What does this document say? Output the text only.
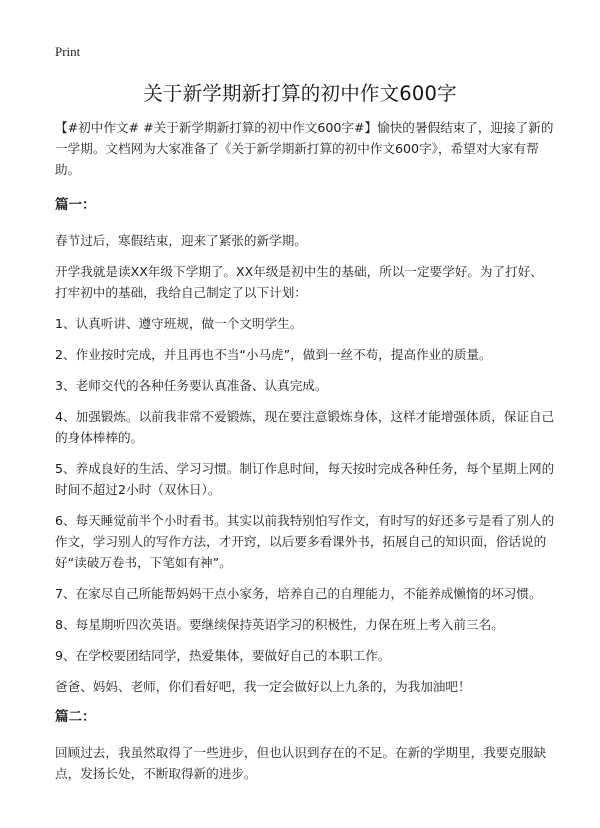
Print
关于新学期新打算的初中作文600字

【#初中作文# #关于新学期新打算的初中作文600字#】愉快的暑假结束了，迎接了新的一学期。文档网为大家准备了《关于新学期新打算的初中作文600字》，希望对大家有帮助。

篇一：

春节过后，寒假结束，迎来了紧张的新学期。

开学我就是读XX年级下学期了。XX年级是初中生的基础，所以一定要学好。为了打好、打牢初中的基础，我给自己制定了以下计划：

1、认真听讲、遵守班规，做一个文明学生。

2、作业按时完成，并且再也不当“小马虎”，做到一丝不苟，提高作业的质量。

3、老师交代的各种任务要认真准备、认真完成。

4、加强锻炼。以前我非常不爱锻炼，现在要注意锻炼身体，这样才能增强体质，保证自己的身体棒棒的。

5、养成良好的生活、学习习惯。制订作息时间，每天按时完成各种任务，每个星期上网的时间不超过2小时（双休日）。

6、每天睡觉前半个小时看书。其实以前我特别怕写作文，有时写的好还多亏是看了别人的作文，学习别人的写作方法，才开窍，以后要多看课外书，拓展自己的知识面，俗话说的好“读破万卷书，下笔如有神”。

7、在家尽自己所能帮妈妈干点小家务，培养自己的自理能力，不能养成懒惰的坏习惯。

8、每星期听四次英语。要继续保持英语学习的积极性，力保在班上考入前三名。

9、在学校要团结同学，热爱集体，要做好自己的本职工作。

爸爸、妈妈、老师，你们看好吧，我一定会做好以上九条的，为我加油吧！

篇二：

回顾过去，我虽然取得了一些进步，但也认识到存在的不足。在新的学期里，我要克服缺点，发扬长处，不断取得新的进步。
